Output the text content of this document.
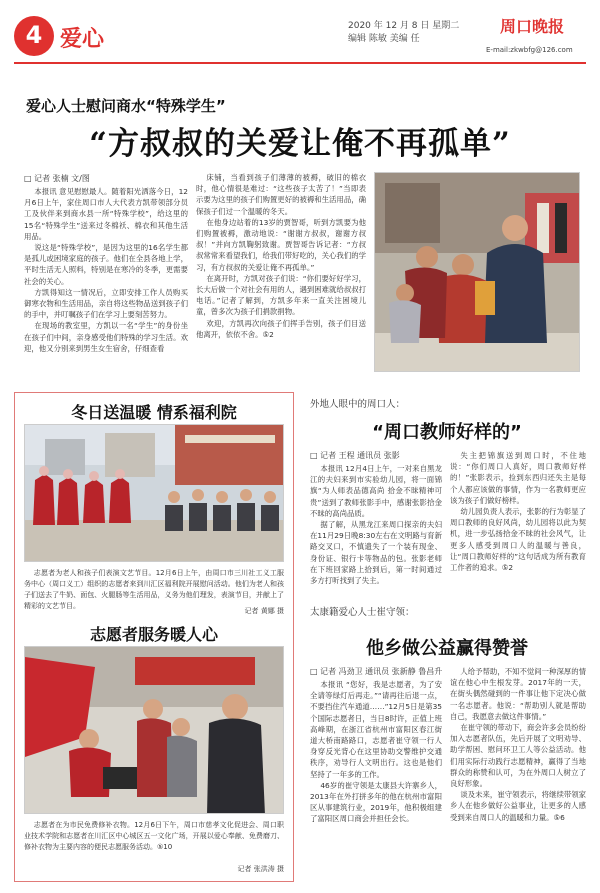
4 爱心	2020 年 12 月 8 日 星期二
编辑 陈敏 美编 任
周口晚报
E-mail:zkwbfg@126.com
爱心人士慰问商水“特殊学生”
“方叔叔的关爱让俺不再孤单”
□ 记者 张楠 文/图

本报讯 意见慰慰最人。随着阳光洒落今日，12月6日上午，家住周口市人大代表方凯带领部分员工及伙伴来到商水县一所“特殊学校”，给这里的15名“特殊学生”送来过冬棉袄、棉衣和其他生活用品。

说这是“特殊学校”，是因为这里的16名学生都是孤儿或困境家庭的孩子。他们在全县各地上学，平时生活无人照料，特别是在寒冷的冬季，更需要社会的关心。

方凯得知这一情况后，立即安排工作人员购买御寒衣物和生活用品，亲自将这些物品送到孩子们的手中，并叮嘱孩子们在学习上要刻苦努力。

在现场的教室里，方凯以一名“学生”的身份坐在孩子们中间，亲身感受他们特殊的学习生活。欢迎，他又分别来到男生女生宿舍，仔细查看

床铺，当看到孩子们薄薄的被褥，破旧的棉衣时，他心情很是难过：“这些孩子太苦了！”当即表示要为这里的孩子们购置更好的被褥和生活用品，确保孩子们过一个温暖的冬天。

在他身边站着的13岁的贾智哥，听到方凯要为他们购置被褥，激动地说：“谢谢方叔叔，谢谢方叔叔！”并向方凯鞠躬致谢。贾智哥告诉记者：“方叔叔常常来看望我们，给我们带好吃的，关心我们的学习，有方叔叔的关爱让俺不再孤单。”

在离开时，方凯对孩子们说：“你们要好好学习，长大后做一个对社会有用的人，遇到困难就给叔叔打电话。”记者了解到，方凯多年来一直关注困境儿童，曾多次为孩子们捐款捐物。

欢迎，方凯再次向孩子们挥手告别，孩子们目送他离开，依依不舍。⑤2

冬日送温暖 情系福利院
志愿者为老人和孩子们表演文艺节目。12月6日上午，由周口市三川社工义工服务中心（周口义工）组织的志愿者来到川汇区福利院开展慰问活动。他们为老人和孩子们送去了牛奶、面包、火腿肠等生活用品，义务为他们理发，表演节目，并献上了精彩的文艺节目。
记者 黄娜 摄
志愿者服务暖人心
志愿者在为市民免费修补衣物。12月6日下午，周口市慈孝文化促进会、周口职业技术学院和志愿者在川汇区中心城区五一文化广场，开展以爱心奉献、免费磨刀、修补衣物为主要内容的便民志愿服务活动。⑤10
记者 张洪涛 摄
外地人眼中的周口人：
“周口教师好样的”
□ 记者 王程 通讯员 张影

本报讯 12月4日上午，一对来自黑龙江的夫妇来到市实验幼儿园，将一面锦旗“为人师表品德高尚 拾金不昧精神可贵”送到了教师张影手中，感谢张影拾金不昧的高尚品质。

据了解，从黑龙江来周口探亲的夫妇在11月29日晚8:30左右在文明路与育新路交叉口，不慎遗失了一个装有现金、身份证、银行卡等物品的包。张影老师在下班回家路上拾到后，第一时间通过多方打听找到了失主。

失主把锦旗送到周口时，不住地说：“你们周口人真好，周口教师好样的！”张影表示，捡到东西归还失主是每个人都应该做的事情，作为一名教师更应该为孩子们做好榜样。

幼儿园负责人表示，张影的行为彰显了周口教师的良好风尚，幼儿园将以此为契机，进一步弘扬拾金不昧的社会风气，让更多人感受到周口人的温暖与善良，让“周口教师好样的”这句话成为所有教育工作者的追求。⑤2

太康籍爱心人士崔守领：
他乡做公益赢得赞誉
□ 记者 冯劲卫 通讯员 张新静 鲁昌升

本报讯 “您好，我是志愿者，为了安全请等绿灯后再走。”“请再往后退一点，不要挡住汽车通道……”12月5日是第35个国际志愿者日，当日8时许，正值上班高峰期，在浙江省杭州市富阳区春江街道大桥南路路口，志愿者崔守领一行人身穿反光背心在这里协助交警维护交通秩序，劝导行人文明出行。这也是他们坚持了一年多的工作。

46岁的崔守领是太康县大许寨乡人，2013年在外打拼多年的他在杭州市富阳区从事建筑行业，2019年，他积极组建了富阳区周口商会并担任会长。

人给予帮助，不知不觉间一种深厚的情谊在他心中生根发芽。2017年的一天，在街头偶然碰到的一件事让他下定决心做一名志愿者。他说：“帮助别人就是帮助自己，我愿意去做这件事情。”

在崔守领的带动下，商会许多会员纷纷加入志愿者队伍，先后开展了文明劝导、助学帮困、慰问环卫工人等公益活动。他们用实际行动践行志愿精神，赢得了当地群众的称赞和认可，为在外周口人树立了良好形象。

谈及未来，崔守领表示，将继续带领家乡人在他乡做好公益事业，让更多的人感受到来自周口人的温暖和力量。⑤6
